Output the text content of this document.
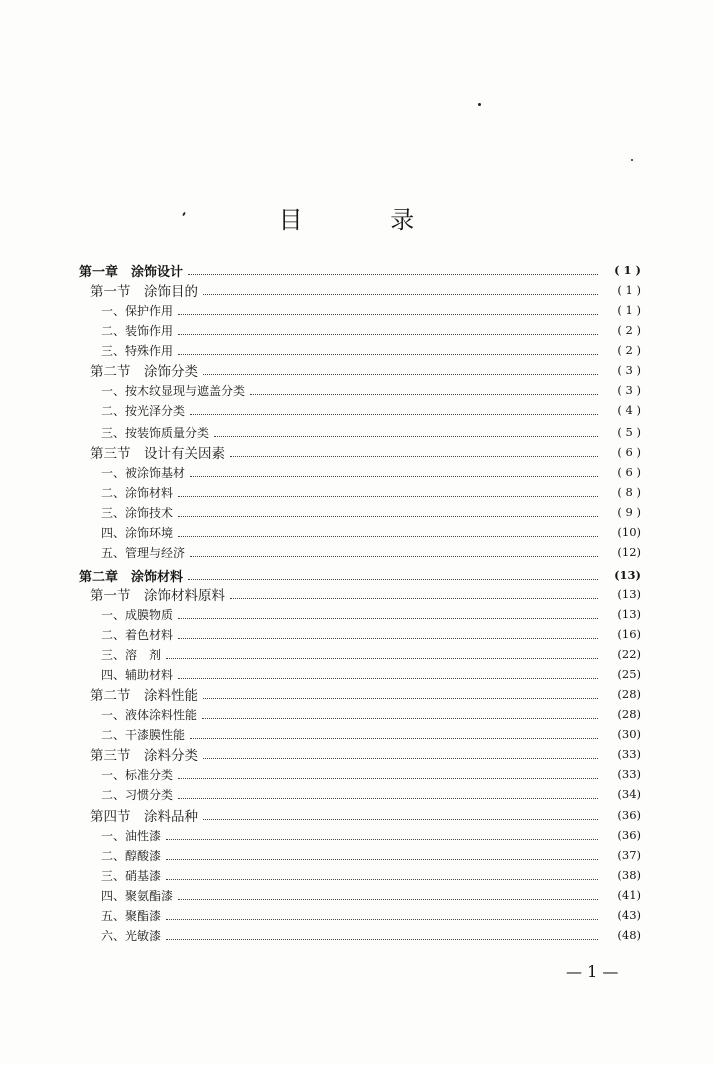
目 录
第一章　涂饰设计	( 1 )
第一节　涂饰目的	( 1 )
一、保护作用	( 1 )
二、装饰作用	( 2 )
三、特殊作用	( 2 )
第二节　涂饰分类	( 3 )
一、按木纹显现与遮盖分类	( 3 )
二、按光泽分类	( 4 )
三、按装饰质量分类	( 5 )
第三节　设计有关因素	( 6 )
一、被涂饰基材	( 6 )
二、涂饰材料	( 8 )
三、涂饰技术	( 9 )
四、涂饰环境	(10)
五、管理与经济	(12)
第二章　涂饰材料	(13)
第一节　涂饰材料原料	(13)
一、成膜物质	(13)
二、着色材料	(16)
三、溶　剂	(22)
四、辅助材料	(25)
第二节　涂料性能	(28)
一、液体涂料性能	(28)
二、干漆膜性能	(30)
第三节　涂料分类	(33)
一、标准分类	(33)
二、习惯分类	(34)
第四节　涂料品种	(36)
一、油性漆	(36)
二、醇酸漆	(37)
三、硝基漆	(38)
四、聚氨酯漆	(41)
五、聚酯漆	(43)
六、光敏漆	(48)
— 1 —
